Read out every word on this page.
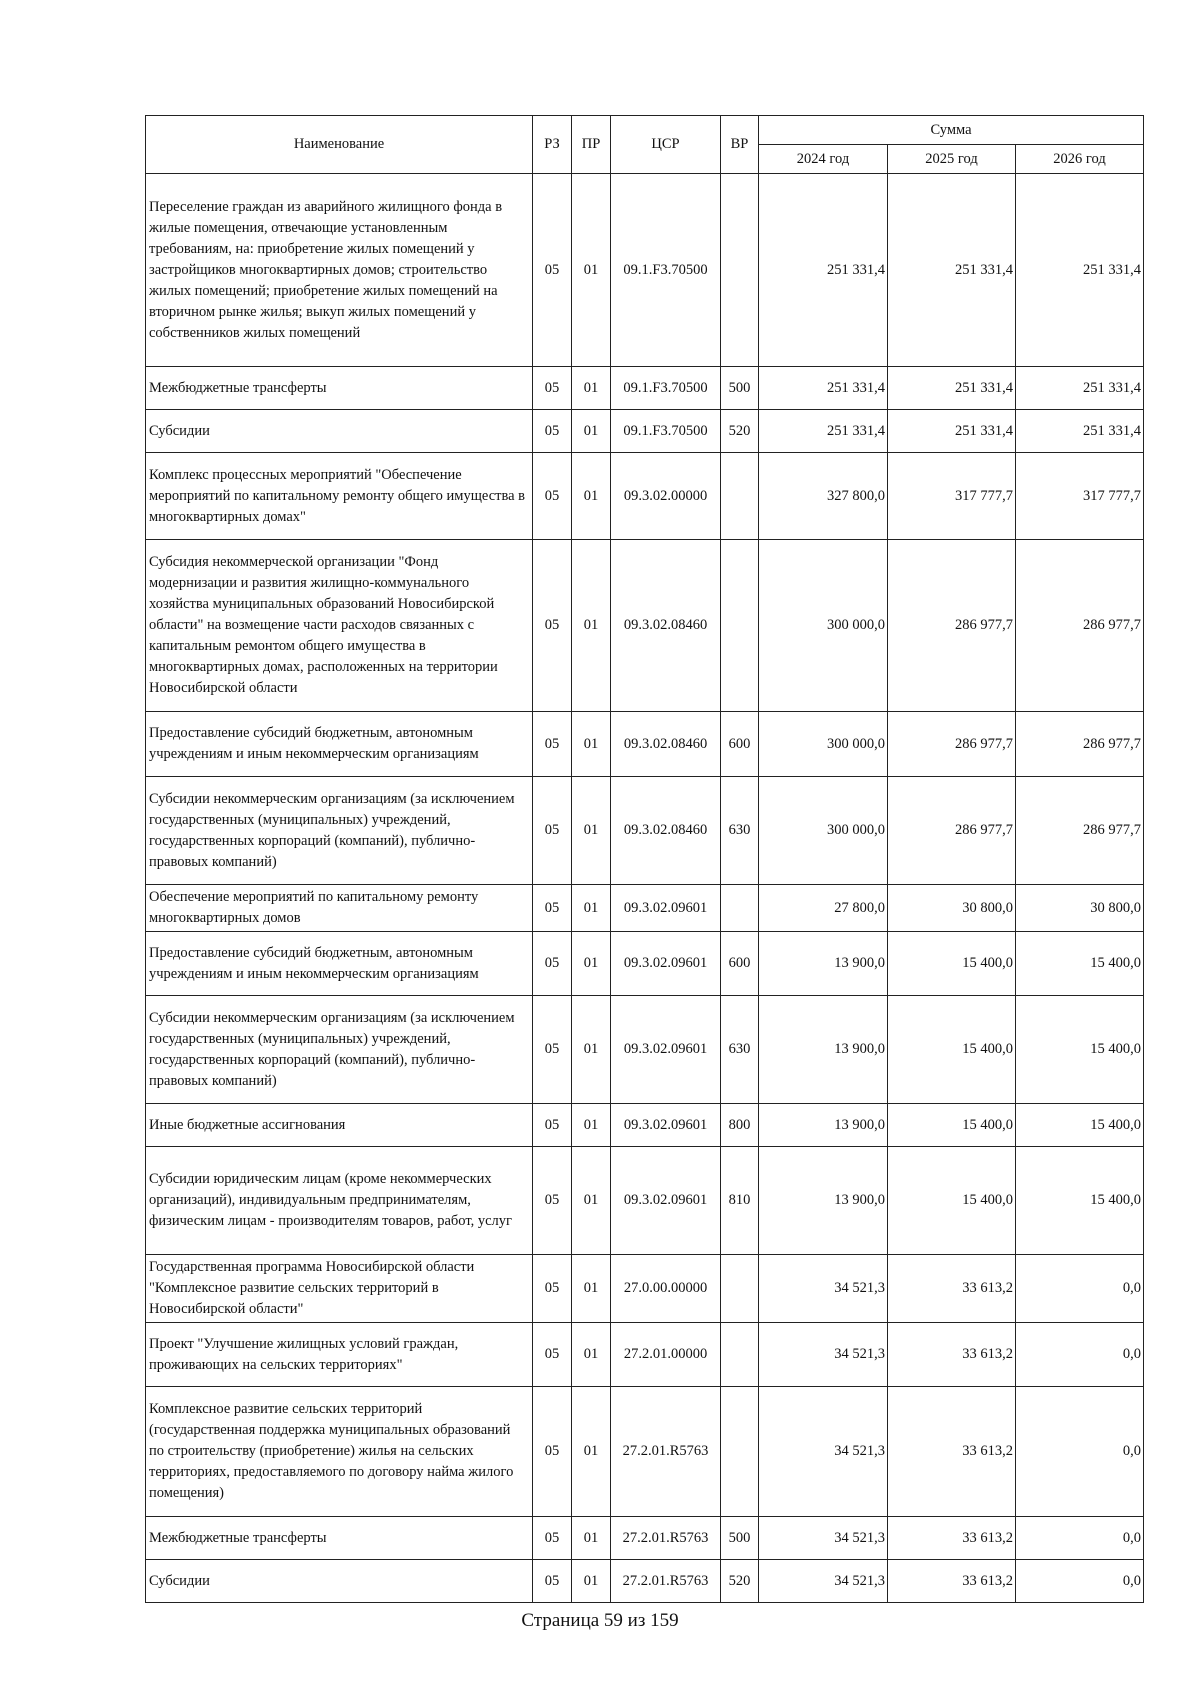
Наименование	РЗ	ПР	ЦСР	ВР	Сумма		
					2024 год	2025 год	2026 год
Переселение граждан из аварийного жилищного фонда в жилые помещения, отвечающие установленным требованиям, на: приобретение жилых помещений у застройщиков многоквартирных домов; строительство жилых помещений; приобретение жилых помещений на вторичном рынке жилья; выкуп жилых помещений у собственников жилых помещений	05	01	09.1.F3.70500		251 331,4	251 331,4	251 331,4
Межбюджетные трансферты	05	01	09.1.F3.70500	500	251 331,4	251 331,4	251 331,4
Субсидии	05	01	09.1.F3.70500	520	251 331,4	251 331,4	251 331,4
Комплекс процессных мероприятий "Обеспечение мероприятий по капитальному ремонту общего имущества в многоквартирных домах"	05	01	09.3.02.00000		327 800,0	317 777,7	317 777,7
Субсидия некоммерческой организации "Фонд модернизации и развития жилищно-коммунального хозяйства муниципальных образований Новосибирской области" на возмещение части расходов связанных с капитальным ремонтом общего имущества в многоквартирных домах, расположенных на территории Новосибирской области	05	01	09.3.02.08460		300 000,0	286 977,7	286 977,7
Предоставление субсидий бюджетным, автономным учреждениям и иным некоммерческим организациям	05	01	09.3.02.08460	600	300 000,0	286 977,7	286 977,7
Субсидии некоммерческим организациям (за исключением государственных (муниципальных) учреждений, государственных корпораций (компаний), публично-правовых компаний)	05	01	09.3.02.08460	630	300 000,0	286 977,7	286 977,7
Обеспечение мероприятий по капитальному ремонту многоквартирных домов	05	01	09.3.02.09601		27 800,0	30 800,0	30 800,0
Предоставление субсидий бюджетным, автономным учреждениям и иным некоммерческим организациям	05	01	09.3.02.09601	600	13 900,0	15 400,0	15 400,0
Субсидии некоммерческим организациям (за исключением государственных (муниципальных) учреждений, государственных корпораций (компаний), публично-правовых компаний)	05	01	09.3.02.09601	630	13 900,0	15 400,0	15 400,0
Иные бюджетные ассигнования	05	01	09.3.02.09601	800	13 900,0	15 400,0	15 400,0
Субсидии юридическим лицам (кроме некоммерческих организаций), индивидуальным предпринимателям, физическим лицам - производителям товаров, работ, услуг	05	01	09.3.02.09601	810	13 900,0	15 400,0	15 400,0
Государственная программа Новосибирской области "Комплексное развитие сельских территорий в Новосибирской области"	05	01	27.0.00.00000		34 521,3	33 613,2	0,0
Проект "Улучшение жилищных условий граждан, проживающих на сельских территориях"	05	01	27.2.01.00000		34 521,3	33 613,2	0,0
Комплексное развитие сельских территорий (государственная поддержка муниципальных образований по строительству (приобретение) жилья на сельских территориях, предоставляемого по договору найма жилого помещения)	05	01	27.2.01.R5763		34 521,3	33 613,2	0,0
Межбюджетные трансферты	05	01	27.2.01.R5763	500	34 521,3	33 613,2	0,0
Субсидии	05	01	27.2.01.R5763	520	34 521,3	33 613,2	0,0
Страница 59 из 159
